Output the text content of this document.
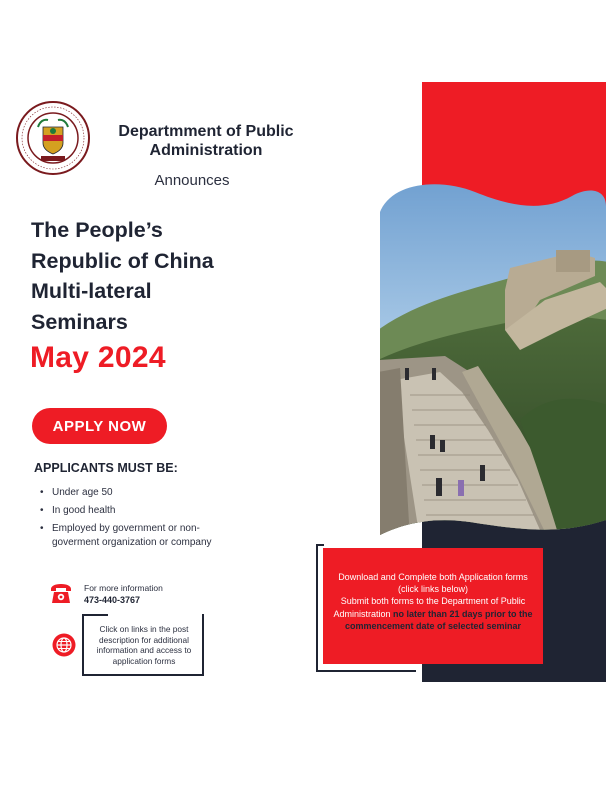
Departmment of Public Administration
Announces
The People’s
Republic of China
Multi-lateral
Seminars
May 2024
APPLY NOW
APPLICANTS MUST BE:
• Under age 50
• In good health
• Employed by government or non-goverment organization or company
For more information
473-440-3767
Click on links in the post description for additional information and access to application forms
Download and Complete both Application forms (click links below)
Submit both forms to the Department of Public Administration no later than 21 days prior to the commencement date of selected seminar
